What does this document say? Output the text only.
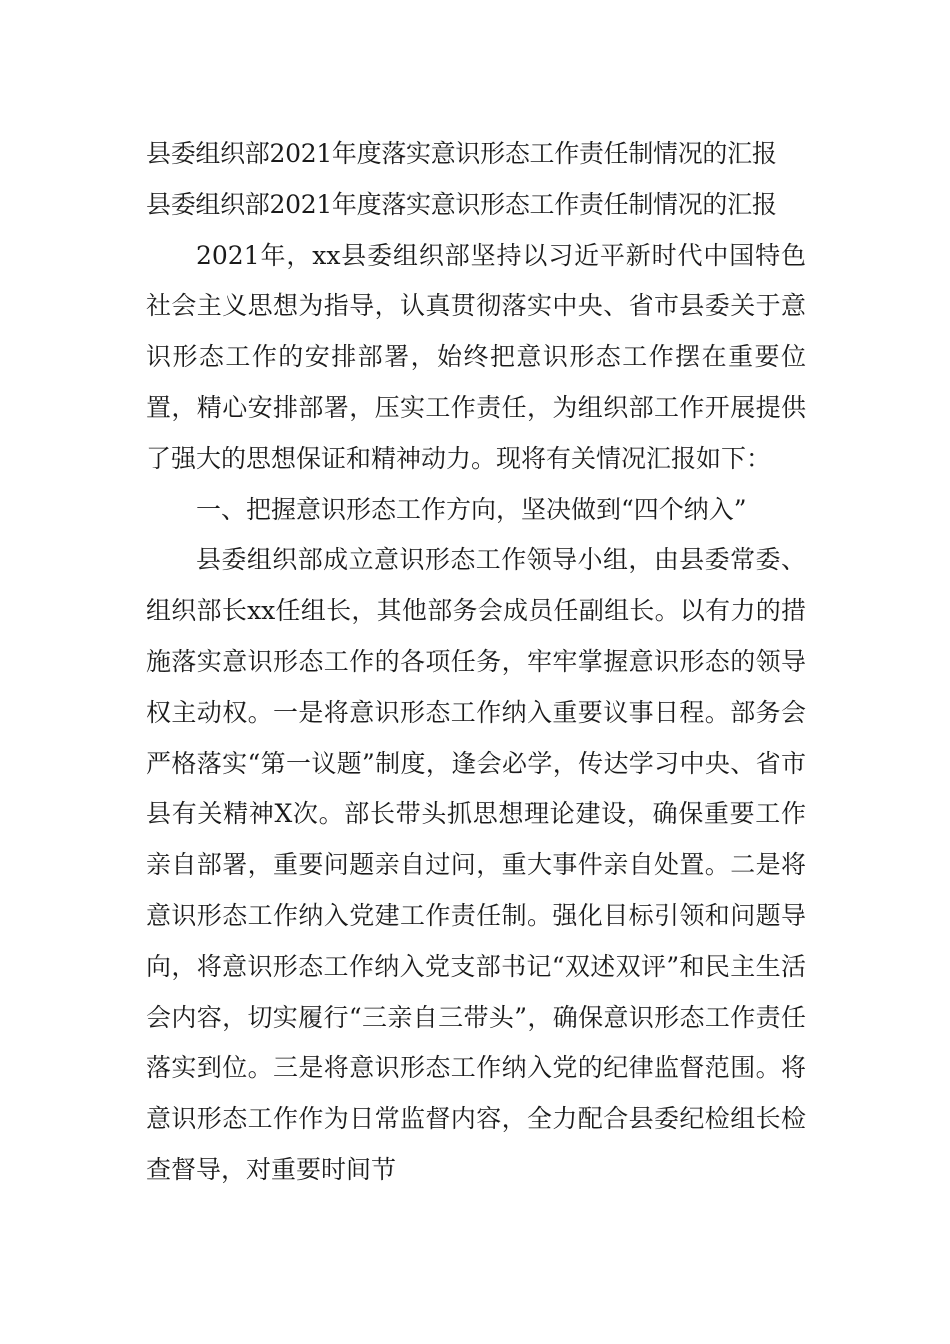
县委组织部2021年度落实意识形态工作责任制情况的汇报

县委组织部2021年度落实意识形态工作责任制情况的汇报

2021年，xx县委组织部坚持以习近平新时代中国特色社会主义思想为指导，认真贯彻落实中央、省市县委关于意识形态工作的安排部署，始终把意识形态工作摆在重要位置，精心安排部署，压实工作责任，为组织部工作开展提供了强大的思想保证和精神动力。现将有关情况汇报如下：

一、把握意识形态工作方向，坚决做到“四个纳入”

县委组织部成立意识形态工作领导小组，由县委常委、组织部长xx任组长，其他部务会成员任副组长。以有力的措施落实意识形态工作的各项任务，牢牢掌握意识形态的领导权主动权。一是将意识形态工作纳入重要议事日程。部务会严格落实“第一议题”制度，逢会必学，传达学习中央、省市县有关精神X次。部长带头抓思想理论建设，确保重要工作亲自部署，重要问题亲自过问，重大事件亲自处置。二是将意识形态工作纳入党建工作责任制。强化目标引领和问题导向，将意识形态工作纳入党支部书记“双述双评”和民主生活会内容，切实履行“三亲自三带头”，确保意识形态工作责任落实到位。三是将意识形态工作纳入党的纪律监督范围。将意识形态工作作为日常监督内容，全力配合县委纪检组长检查督导，对重要时间节
